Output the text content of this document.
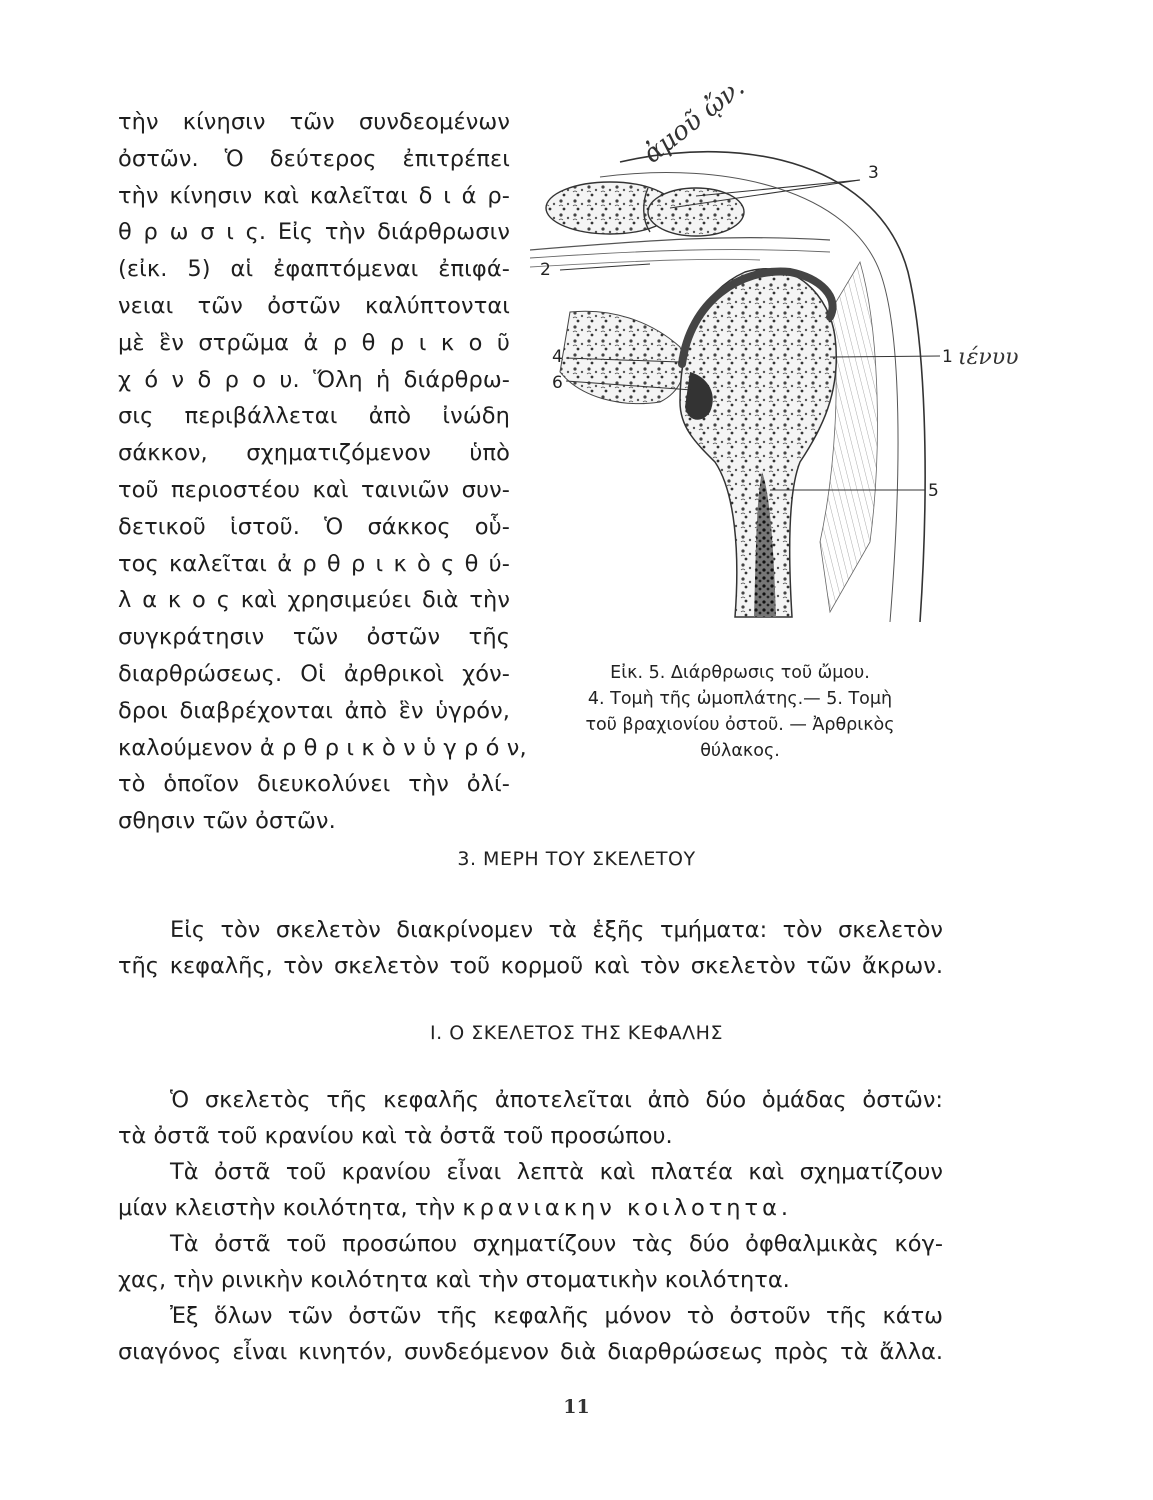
τὴν κίνησιν τῶν συνδεομένων
ὀστῶν. Ὁ δεύτερος ἐπιτρέπει
τὴν κίνησιν καὶ καλεῖται δ ι ά ρ-
θ ρ ω σ ι ς. Εἰς τὴν διάρθρωσιν
(εἰκ. 5) αἱ ἐφαπτόμεναι ἐπιφά-
νειαι τῶν ὀστῶν καλύπτονται
μὲ ἓν στρῶμα ἀ ρ θ ρ ι κ ο ῦ
χ ό ν δ ρ ο υ. Ὅλη ἡ διάρθρω-
σις περιβάλλεται ἀπὸ ἰνώδη
σάκκον, σχηματιζόμενον ὑπὸ
τοῦ περιοστέου καὶ ταινιῶν συν-
δετικοῦ ἱστοῦ. Ὁ σάκκος οὗ-
τος καλεῖται ἀ ρ θ ρ ι κ ὸ ς θ ύ-
λ α κ ο ς καὶ χρησιμεύει διὰ τὴν
συγκράτησιν τῶν ὀστῶν τῆς
διαρθρώσεως. Οἱ ἀρθρικοὶ χόν-
δροι διαβρέχονται ἀπὸ ἓν ὑγρόν,
καλούμενον ἀ ρ θ ρ ι κ ὸ ν ὑ γ ρ ό ν,
τὸ ὁποῖον διευκολύνει τὴν ὀλί-
σθησιν τῶν ὀστῶν.
3
2
4
6
1
5
ἀμοῦ ᾤν.
ιένυυ
Εἰκ. 5. Διάρθρωσις τοῦ ὤμου.
4. Τομὴ τῆς ὠμοπλάτης.— 5. Τομὴ
τοῦ βραχιονίου ὀστοῦ. — Ἀρθρικὸς
θύλακος.
3. ΜΕΡΗ ΤΟΥ ΣΚΕΛΕΤΟΥ
Εἰς τὸν σκελετὸν διακρίνομεν τὰ ἑξῆς τμήματα: τὸν σκελετὸν
τῆς κεφαλῆς, τὸν σκελετὸν τοῦ κορμοῦ καὶ τὸν σκελετὸν τῶν ἄκρων.
Ι. Ο ΣΚΕΛΕΤΟΣ ΤΗΣ ΚΕΦΑΛΗΣ
Ὁ σκελετὸς τῆς κεφαλῆς ἀποτελεῖται ἀπὸ δύο ὁμάδας ὀστῶν:
τὰ ὀστᾶ τοῦ κρανίου καὶ τὰ ὀστᾶ τοῦ προσώπου.
Τὰ ὀστᾶ τοῦ κρανίου εἶναι λεπτὰ καὶ πλατέα καὶ σχηματίζουν
μίαν κλειστὴν κοιλότητα, τὴν κρανιακην κοιλοτητα.
Τὰ ὀστᾶ τοῦ προσώπου σχηματίζουν τὰς δύο ὀφθαλμικὰς κόγ-
χας, τὴν ρινικὴν κοιλότητα καὶ τὴν στοματικὴν κοιλότητα.
Ἐξ ὅλων τῶν ὀστῶν τῆς κεφαλῆς μόνον τὸ ὀστοῦν τῆς κάτω
σιαγόνος εἶναι κινητόν, συνδεόμενον διὰ διαρθρώσεως πρὸς τὰ ἄλλα.
11
